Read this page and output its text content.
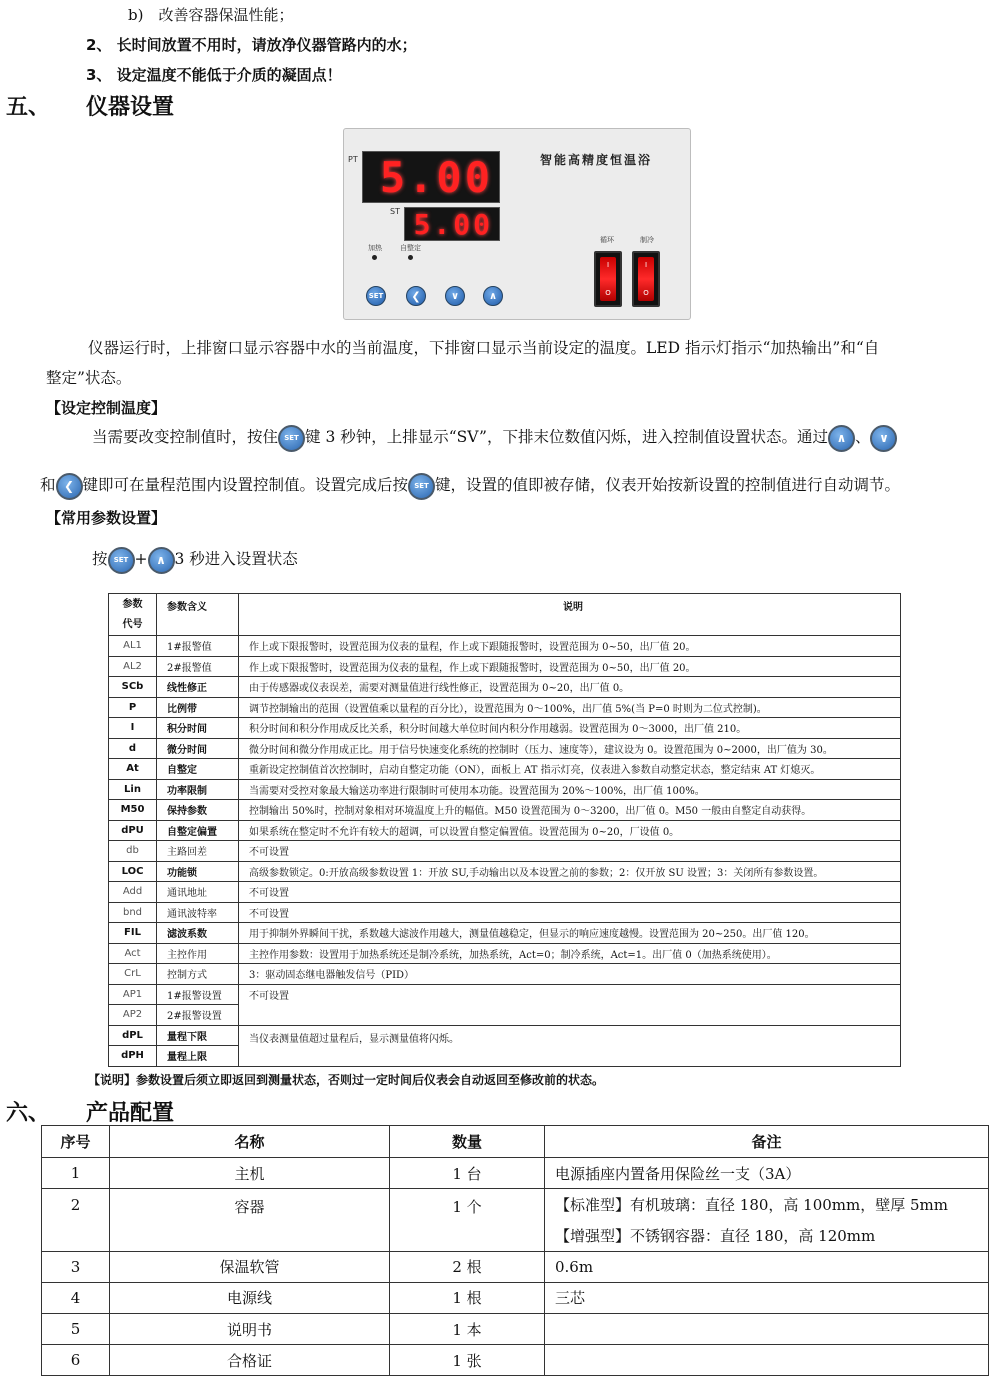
b)　改善容器保温性能；
2、 长时间放置不用时，请放净仪器管路内的水；
3、 设定温度不能低于介质的凝固点！
五、 仪器设置
PT 5.00
ST 5.00
智能高精度恒温浴
加热	自整定
SET	❮	∨	∧
循环	制冷
I
O
I
O

仪器运行时，上排窗口显示容器中水的当前温度，下排窗口显示当前设定的温度。LED 指示灯指示“加热输出”和“自

整定”状态。

【设定控制温度】
当需要改变控制值时，按住 SET 键 3 秒钟，上排显示“SV”，下排末位数值闪烁，进入控制值设置状态。通过 ∧ 、 ∨
和 ❮ 键即可在量程范围内设置控制值。设置完成后按 SET 键，设置的值即被存储，仪表开始按新设置的控制值进行自动调节。
【常用参数设置】
按 SET + ∧ 3 秒进入设置状态
参数
代号	参数含义	说明
AL1	1#报警值	作上或下限报警时，设置范围为仪表的量程，作上或下跟随报警时，设置范围为 0~50，出厂值 20。
AL2	2#报警值	作上或下限报警时，设置范围为仪表的量程，作上或下跟随报警时，设置范围为 0~50，出厂值 20。
SCb	线性修正	由于传感器或仪表误差，需要对测量值进行线性修正，设置范围为 0~20，出厂值 0。
P	比例带	调节控制输出的范围（设置值乘以量程的百分比），设置范围为 0～100%，出厂值 5%(当 P=0 时则为二位式控制)。
I	积分时间	积分时间和积分作用成反比关系，积分时间越大单位时间内积分作用越弱。设置范围为 0～3000，出厂值 210。
d	微分时间	微分时间和微分作用成正比。用于信号快速变化系统的控制时（压力、速度等），建议设为 0。设置范围为 0~2000，出厂值为 30。
At	自整定	重新设定控制值首次控制时，启动自整定功能（ON），面板上 AT 指示灯亮，仪表进入参数自动整定状态，整定结束 AT 灯熄灭。
Lin	功率限制	当需要对受控对象最大输送功率进行限制时可使用本功能。设置范围为 20%～100%，出厂值 100%。
M50	保持参数	控制输出 50%时，控制对象相对环境温度上升的幅值。M50 设置范围为 0～3200，出厂值 0。M50 一般由自整定自动获得。
dPU	自整定偏置	如果系统在整定时不允许有较大的超调，可以设置自整定偏置值。设置范围为 0~20，厂设值 0。
db	主路回差	不可设置
LOC	功能锁	高级参数锁定。0:开放高级参数设置 1：开放 SU,手动输出以及本设置之前的参数；2：仅开放 SU 设置；3：关闭所有参数设置。
Add	通讯地址	不可设置
bnd	通讯波特率	不可设置
FIL	滤波系数	用于抑制外界瞬间干扰，系数越大滤波作用越大，测量值越稳定，但显示的响应速度越慢。设置范围为 20~250。出厂值 120。
Act	主控作用	主控作用参数：设置用于加热系统还是制冷系统，加热系统，Act=0；制冷系统，Act=1。出厂值 0（加热系统使用）。
CrL	控制方式	3：驱动固态继电器触发信号（PID）
AP1	1#报警设置	不可设置
AP2	2#报警设置	
dPL	量程下限	当仪表测量值超过量程后，显示测量值将闪烁。
dPH	量程上限	
【说明】参数设置后须立即返回到测量状态，否则过一定时间后仪表会自动返回至修改前的状态。
六、 产品配置
序号	名称	数量	备注
1	主机	1 台	电源插座内置备用保险丝一支（3A）
2	容器	1 个	【标准型】有机玻璃：直径 180，高 100mm，壁厚 5mm
			【增强型】不锈钢容器：直径 180，高 120mm
3	保温软管	2 根	0.6m
4	电源线	1 根	三芯
5	说明书	1 本	
6	合格证	1 张	
